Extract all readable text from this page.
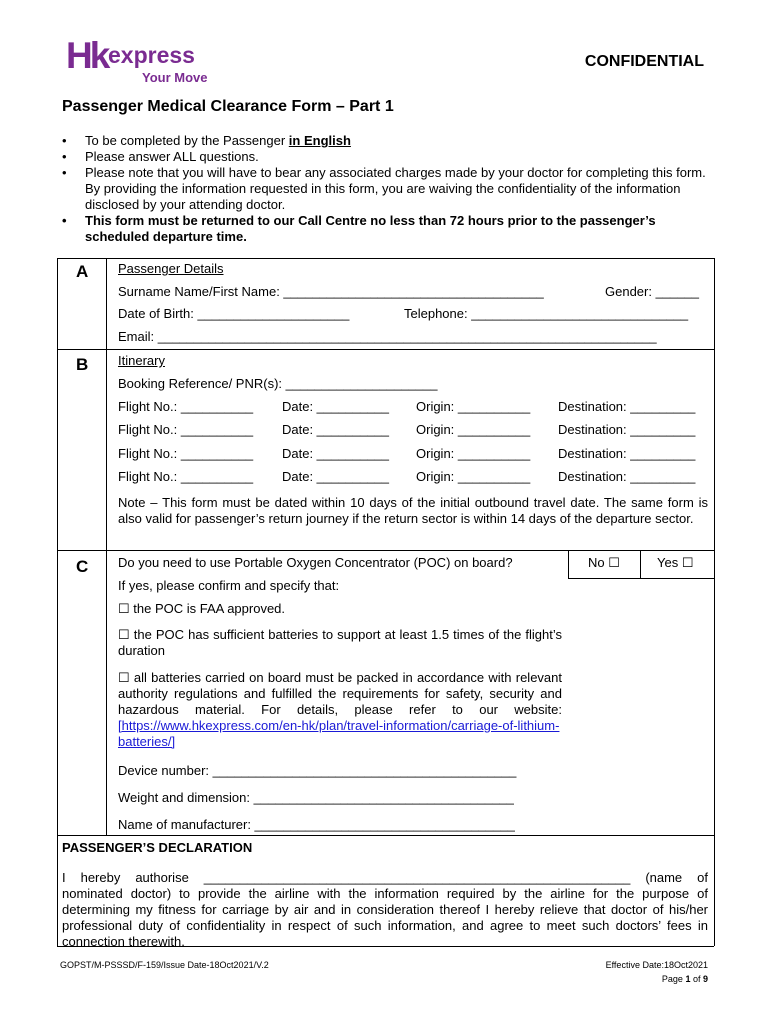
Hk express
Your Move
CONFIDENTIAL
Passenger Medical Clearance Form – Part 1
• To be completed by the Passenger in English
• Please answer ALL questions.
• Please note that you will have to bear any associated charges made by your doctor for completing this form. By providing the information requested in this form, you are waiving the confidentiality of the information disclosed by your attending doctor.
• This form must be returned to our Call Centre no less than 72 hours prior to the passenger’s scheduled departure time.
A Passenger Details
Surname Name/First Name: ____________________________________	Gender: ______
Date of Birth: _____________________	Telephone: ______________________________
Email: _____________________________________________________________________
B Itinerary
Booking Reference/ PNR(s): _____________________
Flight No.: __________ Date: __________ Origin: __________ Destination: _________
Flight No.: __________ Date: __________ Origin: __________ Destination: _________
Flight No.: __________ Date: __________ Origin: __________ Destination: _________
Flight No.: __________ Date: __________ Origin: __________ Destination: _________
Note – This form must be dated within 10 days of the initial outbound travel date. The same form is also valid for passenger’s return journey if the return sector is within 14 days of the departure sector.
C Do you need to use Portable Oxygen Concentrator (POC) on board?	No ☐	Yes ☐
If yes, please confirm and specify that:
☐ the POC is FAA approved.
☐ the POC has sufficient batteries to support at least 1.5 times of the flight’s duration
☐ all batteries carried on board must be packed in accordance with relevant authority regulations and fulfilled the requirements for safety, security and hazardous material. For details, please refer to our website: [https://www.hkexpress.com/en-hk/plan/travel-information/carriage-of-lithium-batteries/]
Device number: __________________________________________
Weight and dimension: ____________________________________
Name of manufacturer: ____________________________________
PASSENGER’S DECLARATION
I hereby authorise ___________________________________________________________ (name of nominated doctor) to provide the airline with the information required by the airline for the purpose of determining my fitness for carriage by air and in consideration thereof I hereby relieve that doctor of his/her professional duty of confidentiality in respect of such information, and agree to meet such doctors’ fees in connection therewith.
GOPST/M-PSSSD/F-159/Issue Date-18Oct2021/V.2	Effective Date:18Oct2021
Page 1 of 9
